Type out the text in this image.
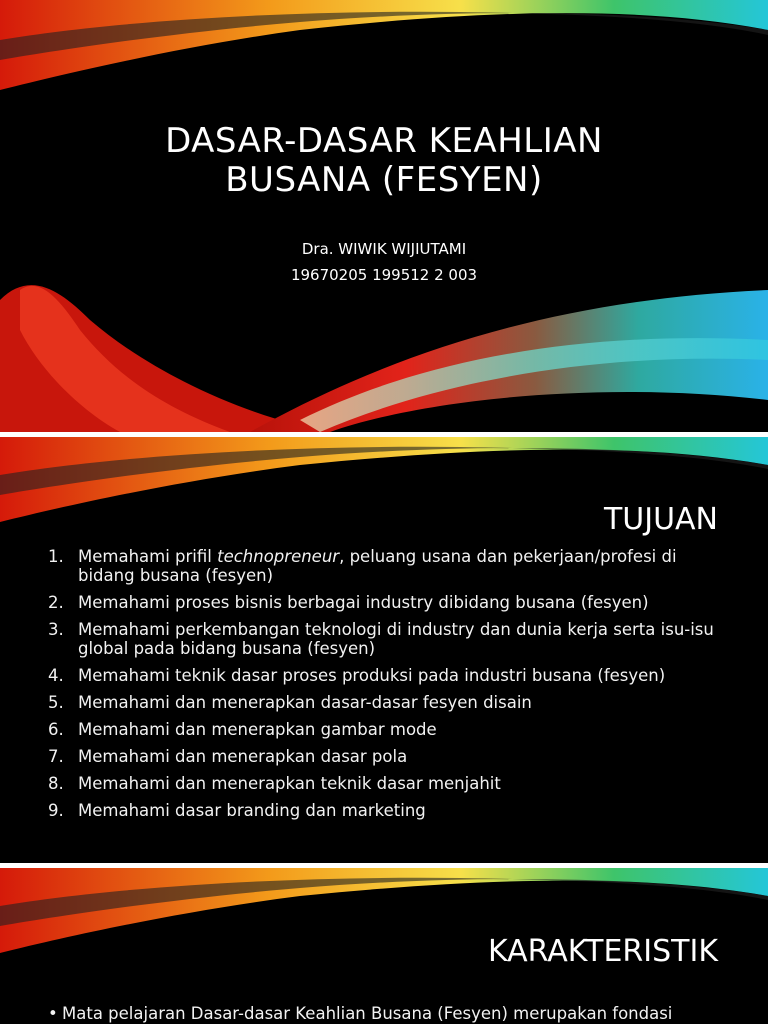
DASAR-DASAR KEAHLIAN
BUSANA (FESYEN)
Dra. WIWIK WIJIUTAMI
19670205 199512 2 003
TUJUAN
1. Memahami prifil technopreneur, peluang usana dan pekerjaan/profesi di bidang busana (fesyen)
2. Memahami proses bisnis berbagai industry dibidang busana (fesyen)
3. Memahami perkembangan teknologi di industry dan dunia kerja serta isu-isu global pada bidang busana (fesyen)
4. Memahami teknik dasar proses produksi pada industri busana (fesyen)
5. Memahami dan menerapkan dasar-dasar fesyen disain
6. Memahami dan menerapkan gambar mode
7. Memahami dan menerapkan dasar pola
8. Memahami dan menerapkan teknik dasar menjahit
9. Memahami dasar branding dan marketing
KARAKTERISTIK
• Mata pelajaran Dasar-dasar Keahlian Busana (Fesyen) merupakan fondasi
